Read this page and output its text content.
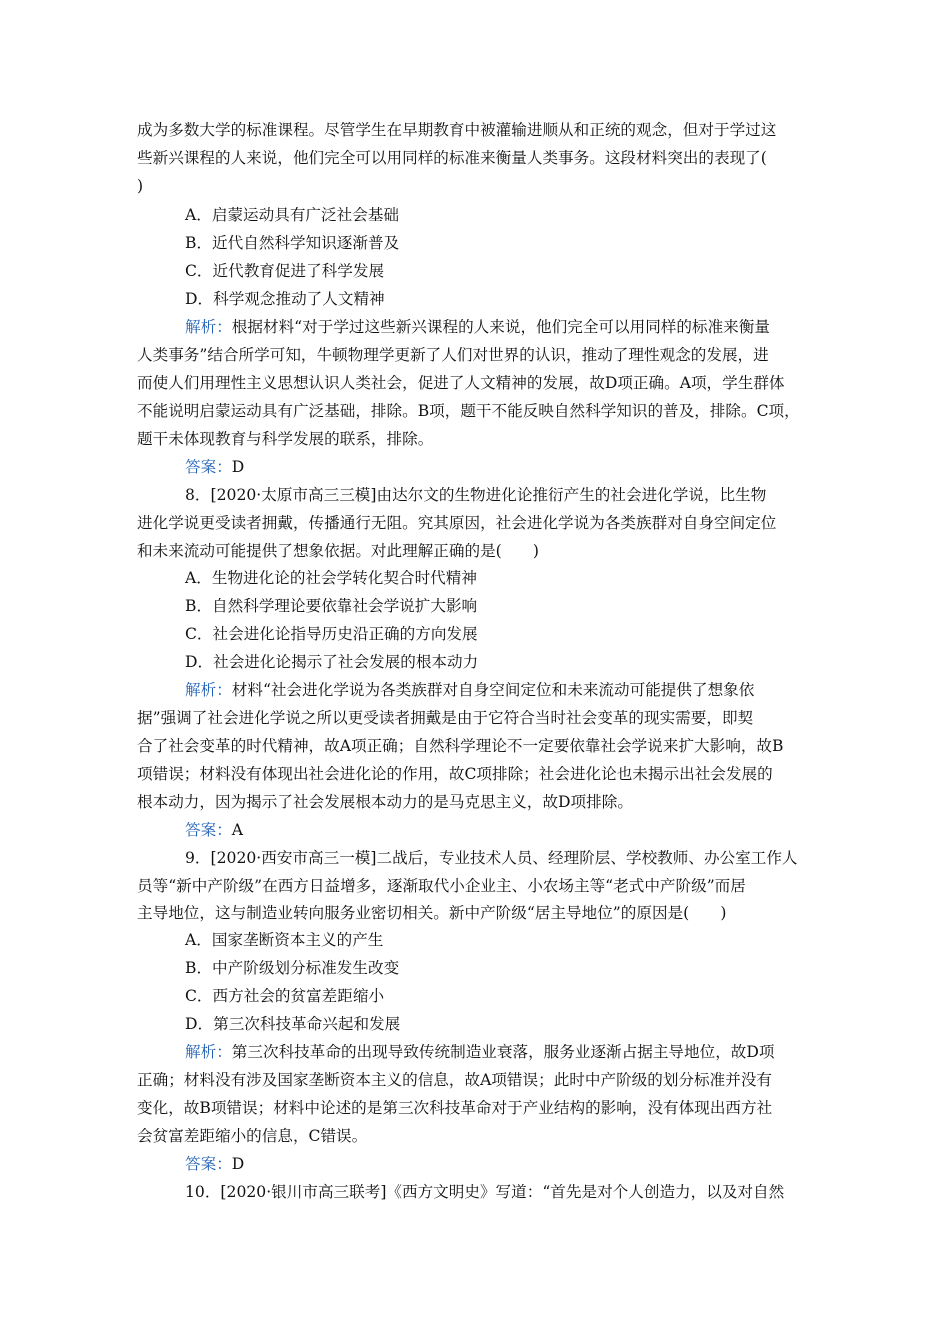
成为多数大学的标准课程。尽管学生在早期教育中被灌输进顺从和正统的观念，但对于学过这
些新兴课程的人来说，他们完全可以用同样的标准来衡量人类事务。这段材料突出的表现了(
)
A．启蒙运动具有广泛社会基础
B．近代自然科学知识逐渐普及
C．近代教育促进了科学发展
D．科学观念推动了人文精神
解析：根据材料“对于学过这些新兴课程的人来说，他们完全可以用同样的标准来衡量
人类事务”结合所学可知，牛顿物理学更新了人们对世界的认识，推动了理性观念的发展，进
而使人们用理性主义思想认识人类社会，促进了人文精神的发展，故D项正确。A项，学生群体
不能说明启蒙运动具有广泛基础，排除。B项，题干不能反映自然科学知识的普及，排除。C项，
题干未体现教育与科学发展的联系，排除。
答案：D
8．[2020·太原市高三三模]由达尔文的生物进化论推衍产生的社会进化学说，比生物
进化学说更受读者拥戴，传播通行无阻。究其原因，社会进化学说为各类族群对自身空间定位
和未来流动可能提供了想象依据。对此理解正确的是(　　)
A．生物进化论的社会学转化契合时代精神
B．自然科学理论要依靠社会学说扩大影响
C．社会进化论指导历史沿正确的方向发展
D．社会进化论揭示了社会发展的根本动力
解析：材料“社会进化学说为各类族群对自身空间定位和未来流动可能提供了想象依
据”强调了社会进化学说之所以更受读者拥戴是由于它符合当时社会变革的现实需要，即契
合了社会变革的时代精神，故A项正确；自然科学理论不一定要依靠社会学说来扩大影响，故B
项错误；材料没有体现出社会进化论的作用，故C项排除；社会进化论也未揭示出社会发展的
根本动力，因为揭示了社会发展根本动力的是马克思主义，故D项排除。
答案：A
9．[2020·西安市高三一模]二战后，专业技术人员、经理阶层、学校教师、办公室工作人
员等“新中产阶级”在西方日益增多，逐渐取代小企业主、小农场主等“老式中产阶级”而居
主导地位，这与制造业转向服务业密切相关。新中产阶级“居主导地位”的原因是(　　)
A．国家垄断资本主义的产生
B．中产阶级划分标准发生改变
C．西方社会的贫富差距缩小
D．第三次科技革命兴起和发展
解析：第三次科技革命的出现导致传统制造业衰落，服务业逐渐占据主导地位，故D项
正确；材料没有涉及国家垄断资本主义的信息，故A项错误；此时中产阶级的划分标准并没有
变化，故B项错误；材料中论述的是第三次科技革命对于产业结构的影响，没有体现出西方社
会贫富差距缩小的信息，C错误。
答案：D
10．[2020·银川市高三联考]《西方文明史》写道：“首先是对个人创造力，以及对自然
